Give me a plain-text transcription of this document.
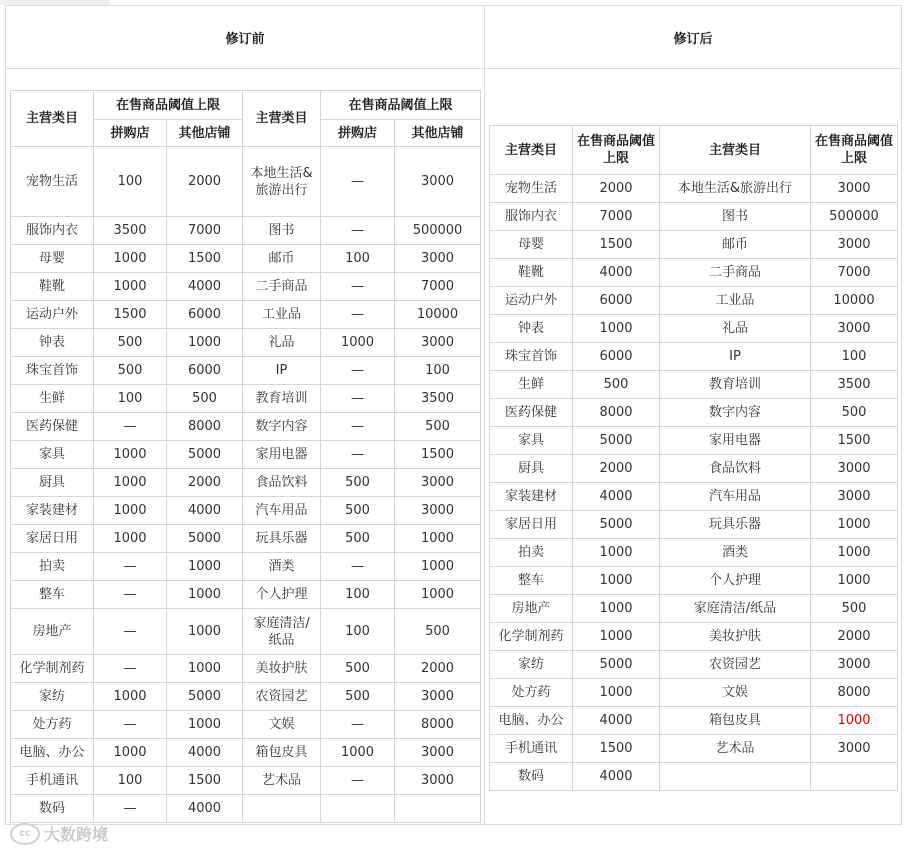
修订前	修订后
主营类目	在售商品阈值上限		主营类目	在售商品阈值上限	
	拼购店	其他店铺		拼购店	其他店铺
宠物生活	100	2000	本地生活&旅游出行	—	3000
服饰内衣	3500	7000	图书	—	500000
母婴	1000	1500	邮币	100	3000
鞋靴	1000	4000	二手商品	—	7000
运动户外	1500	6000	工业品	—	10000
钟表	500	1000	礼品	1000	3000
珠宝首饰	500	6000	IP	—	100
生鲜	100	500	教育培训	—	3500
医药保健	—	8000	数字内容	—	500
家具	1000	5000	家用电器	—	1500
厨具	1000	2000	食品饮料	500	3000
家装建材	1000	4000	汽车用品	500	3000
家居日用	1000	5000	玩具乐器	500	1000
拍卖	—	1000	酒类	—	1000
整车	—	1000	个人护理	100	1000
房地产	—	1000	家庭清洁/纸品	100	500
化学制剂药	—	1000	美妆护肤	500	2000
家纺	1000	5000	农资园艺	500	3000
处方药	—	1000	文娱	—	8000
电脑、办公	1000	4000	箱包皮具	1000	3000
手机通讯	100	1500	艺术品	—	3000
数码	—	4000			
主营类目	在售商品阈值上限	主营类目	在售商品阈值上限
宠物生活	2000	本地生活&旅游出行	3000
服饰内衣	7000	图书	500000
母婴	1500	邮币	3000
鞋靴	4000	二手商品	7000
运动户外	6000	工业品	10000
钟表	1000	礼品	3000
珠宝首饰	6000	IP	100
生鲜	500	教育培训	3500
医药保健	8000	数字内容	500
家具	5000	家用电器	1500
厨具	2000	食品饮料	3000
家装建材	4000	汽车用品	3000
家居日用	5000	玩具乐器	1000
拍卖	1000	酒类	1000
整车	1000	个人护理	1000
房地产	1000	家庭清洁/纸品	500
化学制剂药	1000	美妆护肤	2000
家纺	5000	农资园艺	3000
处方药	1000	文娱	8000
电脑、办公	4000	箱包皮具	1000
手机通讯	1500	艺术品	3000
数码	4000		
cc 大数跨境
